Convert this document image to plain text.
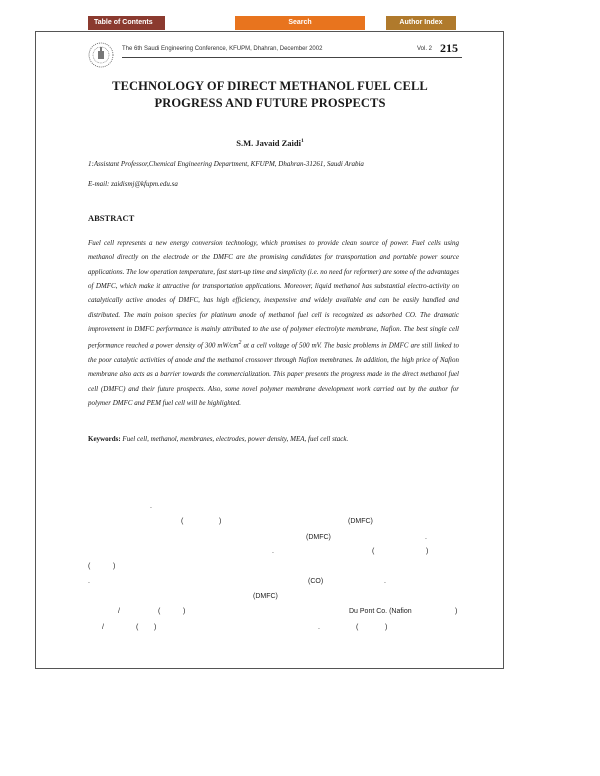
Table of Contents	Search	Author Index
The 6th Saudi Engineering Conference, KFUPM, Dhahran, December 2002	Vol. 2 215
TECHNOLOGY OF DIRECT METHANOL FUEL CELL
PROGRESS AND FUTURE PROSPECTS
S.M. Javaid Zaidi$^1$
1:Assistant Professor,Chemical Engineering Department, KFUPM, Dhahran-31261, Saudi Arabia
E-mail: zaidismj@kfupm.edu.sa
ABSTRACT

Fuel cell represents a new energy conversion technology, which promises to provide clean source of power. Fuel cells using methanol directly on the electrode or the DMFC are the promising candidates for transportation and portable power source applications. The low operation temperature, fast start-up time and simplicity (i.e. no need for reformer) are some of the advantages of DMFC, which make it attractive for transportation applications. Moreover, liquid methanol has substantial electro-activity on catalytically active anodes of DMFC, has high efficiency, inexpensive and widely available and can be easily handled and distributed. The main poison species for platinum anode of methanol fuel cell is recognized as adsorbed CO. The dramatic improvement in DMFC performance is mainly attributed to the use of polymer electrolyte membrane, Nafion. The best single cell performance reached a power density of 300 $mW/cm^2$ at a cell voltage of 500 mV. The basic problems in DMFC are still linked to the poor catalytic activities of anode and the methanol crossover through Nafion membranes. In addition, the high price of Nafion membrane also acts as a barrier towards the commercialization. This paper presents the progress made in the direct methanol fuel cell (DMFC) and their future prospects. Also, some novel polymer membrane development work carried out by the author for polymer DMFC and PEM fuel cell will be highlighted.

Keywords: Fuel cell, methanol, membranes, electrodes, power density, MEA, fuel cell stack.
.
(	)	(DMFC)
(DMFC)	.
.	(	)
(	)
.	(CO)	.
(DMFC)
/	(	)	Du Pont Co. (Nafion	)
/	( )	.	(	)
